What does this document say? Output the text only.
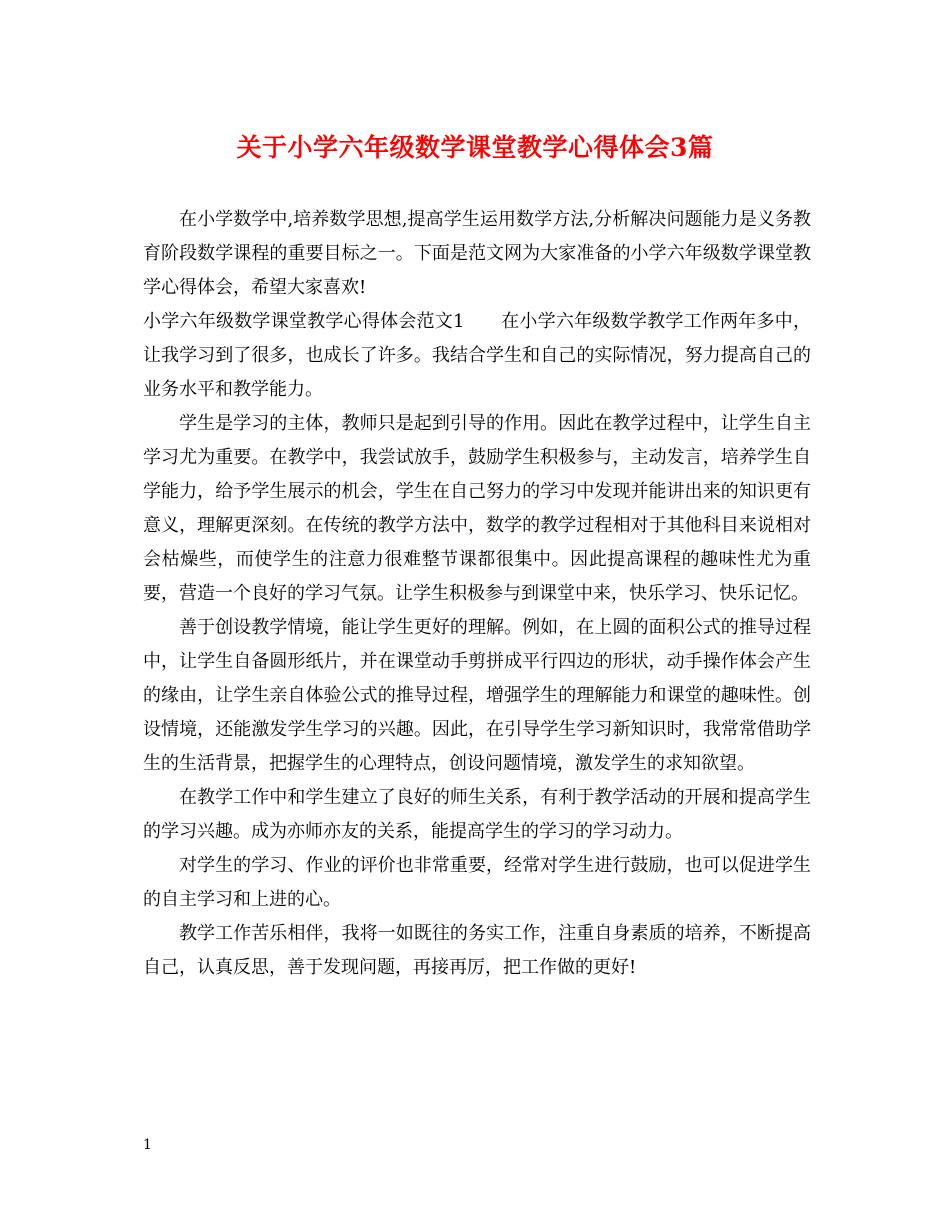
关于小学六年级数学课堂教学心得体会3篇

在小学数学中,培养数学思想,提高学生运用数学方法,分析解决问题能力是义务教育阶段数学课程的重要目标之一。下面是范文网为大家准备的小学六年级数学课堂教学心得体会，希望大家喜欢!

小学六年级数学课堂教学心得体会范文1　　在小学六年级数学教学工作两年多中，让我学习到了很多，也成长了许多。我结合学生和自己的实际情况，努力提高自己的业务水平和教学能力。

学生是学习的主体，教师只是起到引导的作用。因此在教学过程中，让学生自主学习尤为重要。在教学中，我尝试放手，鼓励学生积极参与，主动发言，培养学生自学能力，给予学生展示的机会，学生在自己努力的学习中发现并能讲出来的知识更有意义，理解更深刻。在传统的教学方法中，数学的教学过程相对于其他科目来说相对会枯燥些，而使学生的注意力很难整节课都很集中。因此提高课程的趣味性尤为重要，营造一个良好的学习气氛。让学生积极参与到课堂中来，快乐学习、快乐记忆。

善于创设教学情境，能让学生更好的理解。例如，在上圆的面积公式的推导过程中，让学生自备圆形纸片，并在课堂动手剪拼成平行四边的形状，动手操作体会产生的缘由，让学生亲自体验公式的推导过程，增强学生的理解能力和课堂的趣味性。创设情境，还能激发学生学习的兴趣。因此，在引导学生学习新知识时，我常常借助学生的生活背景，把握学生的心理特点，创设问题情境，激发学生的求知欲望。

在教学工作中和学生建立了良好的师生关系，有利于教学活动的开展和提高学生的学习兴趣。成为亦师亦友的关系，能提高学生的学习的学习动力。

对学生的学习、作业的评价也非常重要，经常对学生进行鼓励，也可以促进学生的自主学习和上进的心。

教学工作苦乐相伴，我将一如既往的务实工作，注重自身素质的培养，不断提高自己，认真反思，善于发现问题，再接再厉，把工作做的更好!

1
